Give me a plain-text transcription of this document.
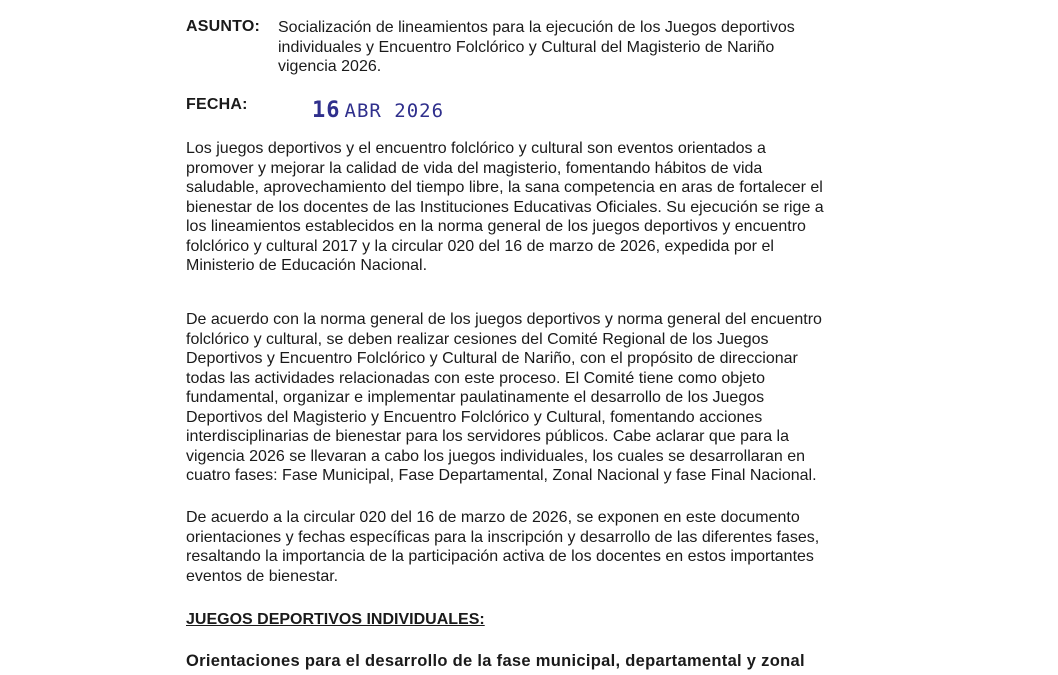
ASUNTO: Socialización de lineamientos para la ejecución de los Juegos deportivos
individuales y Encuentro Folclórico y Cultural del Magisterio de Nariño
vigencia 2026.
FECHA:	16 ABR 2026

Los juegos deportivos y el encuentro folclórico y cultural son eventos orientados a
promover y mejorar la calidad de vida del magisterio, fomentando hábitos de vida
saludable, aprovechamiento del tiempo libre, la sana competencia en aras de fortalecer el
bienestar de los docentes de las Instituciones Educativas Oficiales. Su ejecución se rige a
los lineamientos establecidos en la norma general de los juegos deportivos y encuentro
folclórico y cultural 2017 y la circular 020 del 16 de marzo de 2026, expedida por el
Ministerio de Educación Nacional.

De acuerdo con la norma general de los juegos deportivos y norma general del encuentro
folclórico y cultural, se deben realizar cesiones del Comité Regional de los Juegos
Deportivos y Encuentro Folclórico y Cultural de Nariño, con el propósito de direccionar
todas las actividades relacionadas con este proceso. El Comité tiene como objeto
fundamental, organizar e implementar paulatinamente el desarrollo de los Juegos
Deportivos del Magisterio y Encuentro Folclórico y Cultural, fomentando acciones
interdisciplinarias de bienestar para los servidores públicos. Cabe aclarar que para la
vigencia 2026 se llevaran a cabo los juegos individuales, los cuales se desarrollaran en
cuatro fases: Fase Municipal, Fase Departamental, Zonal Nacional y fase Final Nacional.

De acuerdo a la circular 020 del 16 de marzo de 2026, se exponen en este documento
orientaciones y fechas específicas para la inscripción y desarrollo de las diferentes fases,
resaltando la importancia de la participación activa de los docentes en estos importantes
eventos de bienestar.

JUEGOS DEPORTIVOS INDIVIDUALES:
Orientaciones para el desarrollo de la fase municipal, departamental y zonal
